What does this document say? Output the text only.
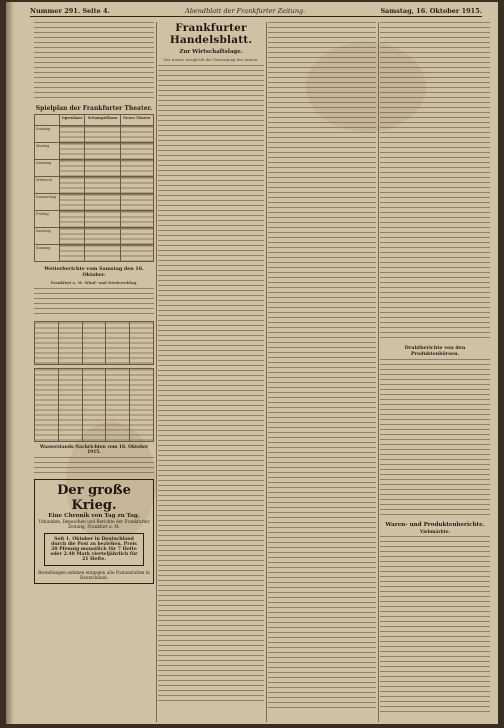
Nummer 291. Seite 4.	Abendblatt der Frankfurter Zeitung.	Samstag, 16. Oktober 1915.
Spielplan der Frankfurter Theater.
	Opernhaus	Schauspielhaus	Neues Theater
Sonntag			
Montag			
Dienstag			
Mittwoch			
Donnerstag			
Freitag			
Samstag			
Sonntag			
Wetterberichte vom Samstag den 16. Oktober.
Frankfurt a. M. Wind- und Niederschlag.

Wasserstands-Nachrichten vom 16. Oktober 1915.
Der große Krieg.
Eine Chronik von Tag zu Tag.
Urkunden, Depeschen und Berichte der Frankfurter Zeitung, Frankfurt a. M.
Seit 1. Oktober in Deutschland durch die Post zu beziehen. Preis 20 Pfennig monatlich für 7 Hefte oder 2.40 Mark vierteljährlich für 21 Hefte.
Bestellungen nehmen entgegen alle Postanstalten in Deutschland.
Frankfurter Handelsblatt.
Zur Wirtschaftslage.
Der innere Ausgleich der Versorgung der Armen.
Drahtberichte von den Produktenbörsen.
Waren- und Produktenberichte.
Viehmärkte.
